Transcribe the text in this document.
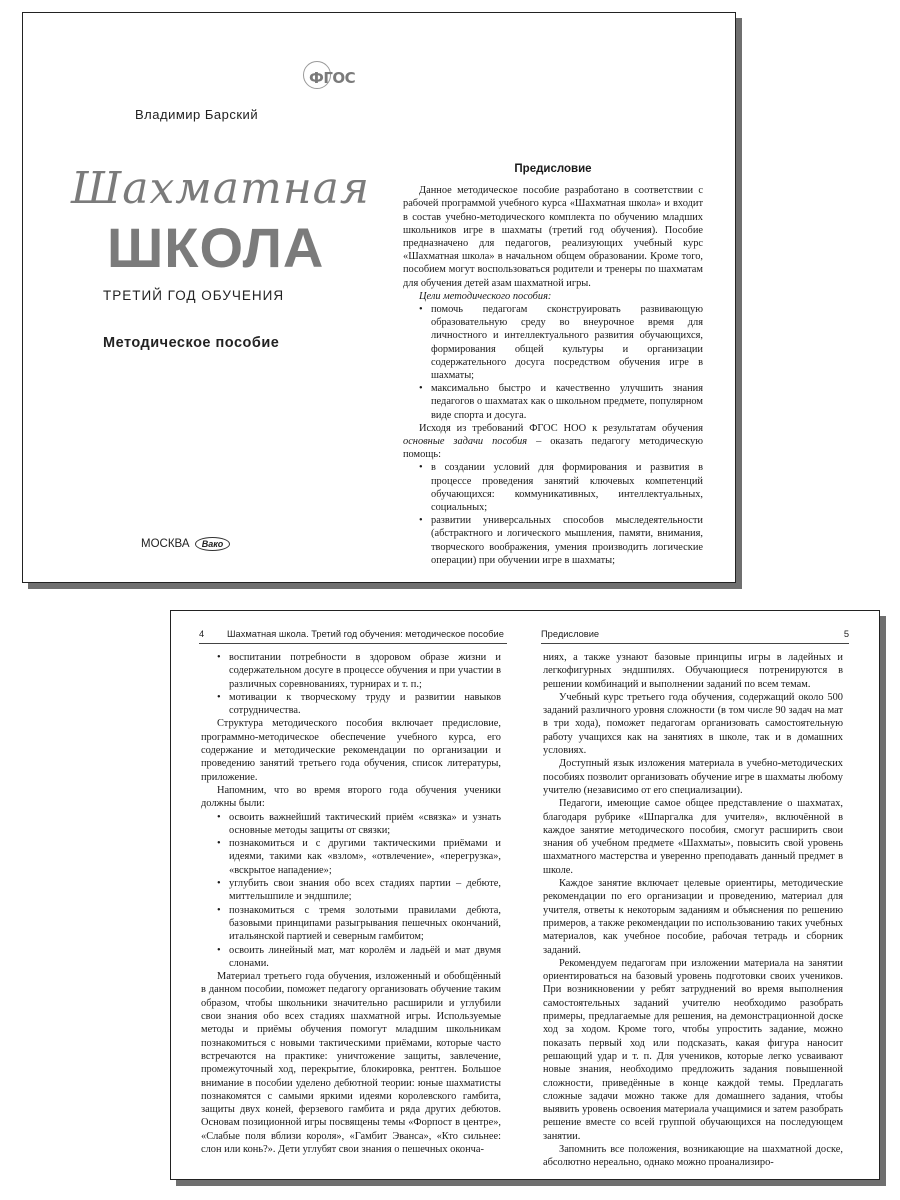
ФГОС
Владимир Барский
Шахматная
ШКОЛА
ТРЕТИЙ ГОД ОБУЧЕНИЯ
Методическое пособие
МОСКВА Вако
Предисловие

Данное методическое пособие разработано в соответствии с рабочей программой учебного курса «Шахматная школа» и входит в состав учебно-методического комплекта по обучению младших школьников игре в шахматы (третий год обучения). Пособие предназначено для педагогов, реализующих учебный курс «Шахматная школа» в начальном общем образовании. Кроме того, пособием могут воспользоваться родители и тренеры по шахматам для обучения детей азам шахматной игры.

Цели методического пособия:

• помочь педагогам сконструировать развивающую образовательную среду во внеурочное время для личностного и интеллектуального развития обучающихся, формирования общей культуры и организации содержательного досуга посредством обучения игре в шахматы;
• максимально быстро и качественно улучшить знания педагогов о шахматах как о школьном предмете, популярном виде спорта и досуга.

Исходя из требований ФГОС НОО к результатам обучения основные задачи пособия – оказать педагогу методическую помощь:

• в создании условий для формирования и развития в процессе проведения занятий ключевых компетенций обучающихся: коммуникативных, интеллектуальных, социальных;
• развитии универсальных способов мыследеятельности (абстрактного и логического мышления, памяти, внимания, творческого воображения, умения производить логические операции) при обучении игре в шахматы;
4 Шахматная школа. Третий год обучения: методическое пособие	Предисловие	5
• воспитании потребности в здоровом образе жизни и содержательном досуге в процессе обучения и при участии в различных соревнованиях, турнирах и т. п.;
• мотивации к творческому труду и развитии навыков сотрудничества.

Структура методического пособия включает предисловие, программно-методическое обеспечение учебного курса, его содержание и методические рекомендации по организации и проведению занятий третьего года обучения, список литературы, приложение.

Напомним, что во время второго года обучения ученики должны были:

• освоить важнейший тактический приём «связка» и узнать основные методы защиты от связки;
• познакомиться и с другими тактическими приёмами и идеями, такими как «взлом», «отвлечение», «перегрузка», «вскрытое нападение»;
• углубить свои знания обо всех стадиях партии – дебюте, миттельшпиле и эндшпиле;
• познакомиться с тремя золотыми правилами дебюта, базовыми принципами разыгрывания пешечных окончаний, итальянской партией и северным гамбитом;
• освоить линейный мат, мат королём и ладьёй и мат двумя слонами.

Материал третьего года обучения, изложенный и обобщённый в данном пособии, поможет педагогу организовать обучение таким образом, чтобы школьники значительно расширили и углубили свои знания обо всех стадиях шахматной игры. Используемые методы и приёмы обучения помогут младшим школьникам познакомиться с новыми тактическими приёмами, которые часто встречаются на практике: уничтожение защиты, завлечение, промежуточный ход, перекрытие, блокировка, рентген. Большое внимание в пособии уделено дебютной теории: юные шахматисты познакомятся с самыми яркими идеями королевского гамбита, защиты двух коней, ферзевого гамбита и ряда других дебютов. Основам позиционной игры посвящены темы «Форпост в центре», «Слабые поля вблизи короля», «Гамбит Эванса», «Кто сильнее: слон или конь?». Дети углубят свои знания о пешечных оконча-

ниях, а также узнают базовые принципы игры в ладейных и легкофигурных эндшпилях. Обучающиеся потренируются в решении комбинаций и выполнении заданий по всем темам.

Учебный курс третьего года обучения, содержащий около 500 заданий различного уровня сложности (в том числе 90 задач на мат в три хода), поможет педагогам организовать самостоятельную работу учащихся как на занятиях в школе, так и в домашних условиях.

Доступный язык изложения материала в учебно-методических пособиях позволит организовать обучение игре в шахматы любому учителю (независимо от его специализации).

Педагоги, имеющие самое общее представление о шахматах, благодаря рубрике «Шпаргалка для учителя», включённой в каждое занятие методического пособия, смогут расширить свои знания об учебном предмете «Шахматы», повысить свой уровень шахматного мастерства и уверенно преподавать данный предмет в школе.

Каждое занятие включает целевые ориентиры, методические рекомендации по его организации и проведению, материал для учителя, ответы к некоторым заданиям и объяснения по решению примеров, а также рекомендации по использованию таких учебных материалов, как учебное пособие, рабочая тетрадь и сборник заданий.

Рекомендуем педагогам при изложении материала на занятии ориентироваться на базовый уровень подготовки своих учеников. При возникновении у ребят затруднений во время выполнения самостоятельных заданий учителю необходимо разобрать примеры, предлагаемые для решения, на демонстрационной доске ход за ходом. Кроме того, чтобы упростить задание, можно показать первый ход или подсказать, какая фигура наносит решающий удар и т. п. Для учеников, которые легко усваивают новые знания, необходимо предложить задания повышенной сложности, приведённые в конце каждой темы. Предлагать сложные задачи можно также для домашнего задания, чтобы выявить уровень освоения материала учащимися и затем разобрать решение вместе со всей группой обучающихся на последующем занятии.

Запомнить все положения, возникающие на шахматной доске, абсолютно нереально, однако можно проанализиро-
